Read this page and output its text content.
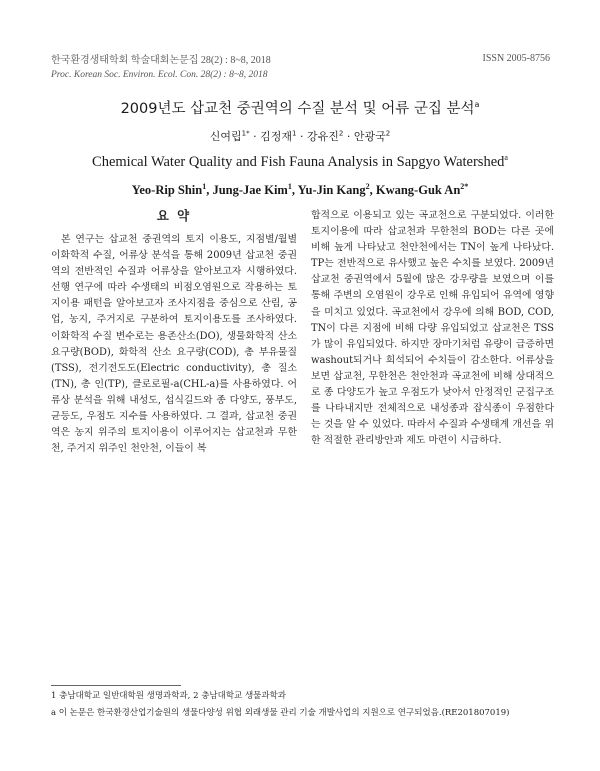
한국환경생태학회 학술대회논문집 28(2) : 8~8, 2018
Proc. Korean Soc. Environ. Ecol. Con. 28(2) : 8~8, 2018
ISSN 2005-8756
2009년도 삽교천 중권역의 수질 분석 및 어류 군집 분석$^a$
신여립$^{1*}$ · 김정재$^1$ · 강유진$^2$ · 안광국$^2$
Chemical Water Quality and Fish Fauna Analysis in Sapgyo Watershed$^a$
Yeo-Rip Shin$^1$, Jung-Jae Kim$^1$, Yu-Jin Kang$^2$, Kwang-Guk $An^{2*}$
요 약

본 연구는 삽교천 중권역의 토지 이용도, 지점별/월별 이화학적 수질, 어류상 분석을 통해 2009년 삽교천 중권역의 전반적인 수질과 어류상을 알아보고자 시행하였다. 선행 연구에 따라 수생태의 비점오염원으로 작용하는 토지이용 패턴을 알아보고자 조사지점을 중심으로 산림, 공업, 농지, 주거지로 구분하여 토지이용도를 조사하였다. 이화학적 수질 변수로는 용존산소(DO), 생물화학적 산소 요구량(BOD), 화학적 산소 요구량(COD), 총 부유물질(TSS), 전기전도도(Electric conductivity), 총 질소(TN), 총 인(TP), 클로로필-a(CHL-a)를 사용하였다. 어류상 분석을 위해 내성도, 섭식길드와 종 다양도, 풍부도, 균등도, 우점도 지수를 사용하였다. 그 결과, 삽교천 중권역은 농지 위주의 토지이용이 이루어지는 삽교천과 무한천, 주거지 위주인 천안천, 이들이 복

합적으로 이용되고 있는 곡교천으로 구분되었다. 이러한 토지이용에 따라 삽교천과 무한천의 BOD는 다른 곳에 비해 높게 나타났고 천안천에서는 TN이 높게 나타났다. TP는 전반적으로 유사했고 높은 수치를 보였다. 2009년 삽교천 중권역에서 5월에 많은 강우량을 보였으며 이를 통해 주변의 오염원이 강우로 인해 유입되어 유역에 영향을 미치고 있었다. 곡교천에서 강우에 의해 BOD, COD, TN이 다른 지점에 비해 다량 유입되었고 삽교천은 TSS가 많이 유입되었다. 하지만 장마기처럼 유량이 급증하면 washout되거나 희석되어 수치들이 감소한다. 어류상을 보면 삽교천, 무한천은 천안천과 곡교천에 비해 상대적으로 종 다양도가 높고 우점도가 낮아서 안정적인 군집구조를 나타내지만 전체적으로 내성종과 잡식종이 우점한다는 것을 알 수 있었다. 따라서 수질과 수생태계 개선을 위한 적절한 관리방안과 제도 마련이 시급하다.

1 충남대학교 일반대학원 생명과학과, 2 충남대학교 생물과학과
a 이 논문은 한국환경산업기술원의 생물다양성 위협 외래생물 관리 기술 개발사업의 지원으로 연구되었음.(RE201807019)
